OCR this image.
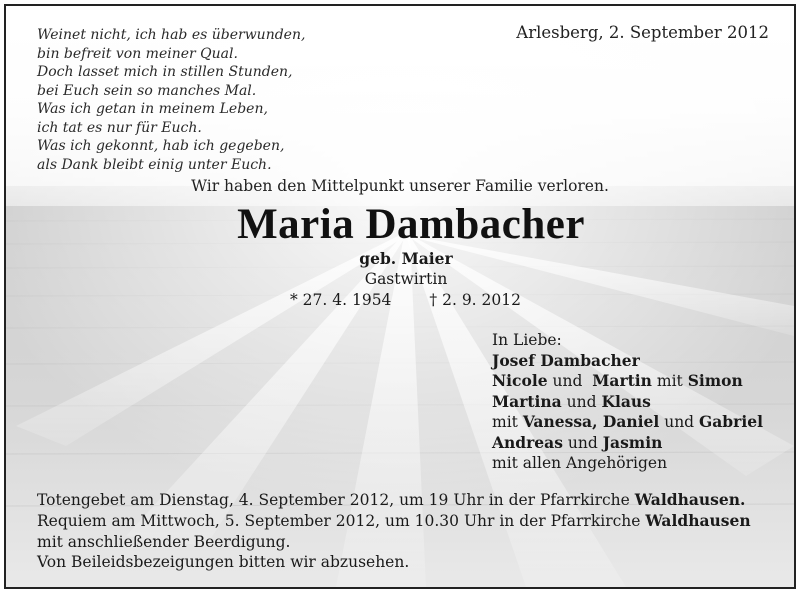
Weinet nicht, ich hab es überwunden,
bin befreit von meiner Qual.
Doch lasset mich in stillen Stunden,
bei Euch sein so manches Mal.
Was ich getan in meinem Leben,
ich tat es nur für Euch.
Was ich gekonnt, hab ich gegeben,
als Dank bleibt einig unter Euch.
Arlesberg, 2. September 2012
Wir haben den Mittelpunkt unserer Familie verloren.
Maria Dambacher
geb. Maier
Gastwirtin
* 27. 4. 1954 † 2. 9. 2012
In Liebe:
Josef Dambacher
Nicole und  Martin mit Simon
Martina und Klaus
mit Vanessa, Daniel und Gabriel
Andreas und Jasmin
mit allen Angehörigen
Totengebet am Dienstag, 4. September 2012, um 19 Uhr in der Pfarrkirche Waldhausen.
Requiem am Mittwoch, 5. September 2012, um 10.30 Uhr in der Pfarrkirche Waldhausen
mit anschließender Beerdigung.
Von Beileidsbezeigungen bitten wir abzusehen.
